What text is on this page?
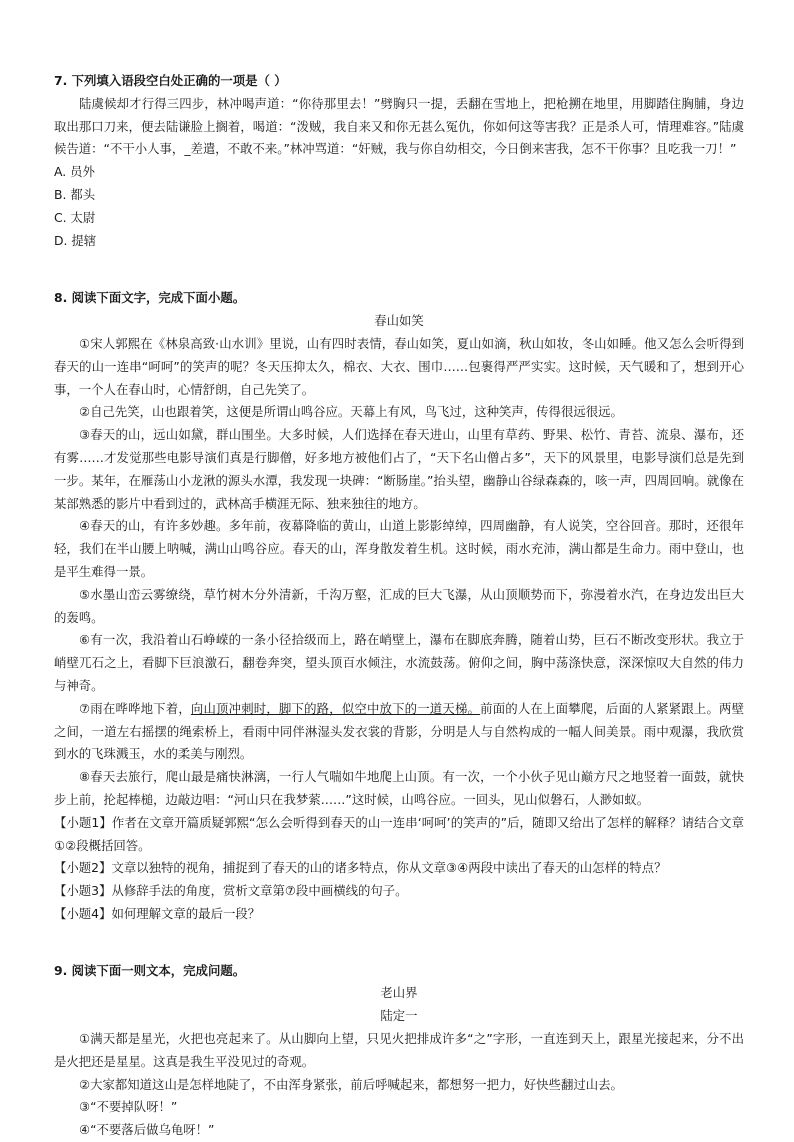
7. 下列填入语段空白处正确的一项是（ ）

陆虞候却才行得三四步，林冲喝声道：“你待那里去！”劈胸只一提，丢翻在雪地上，把枪搠在地里，用脚踏住胸脯，身边取出那口刀来，便去陆谦脸上搁着，喝道：“泼贼，我自来又和你无甚么冤仇，你如何这等害我？正是杀人可，情理难容。”陆虞候告道：“不干小人事，_差遣，不敢不来。”林冲骂道：“奸贼，我与你自幼相交，今日倒来害我，怎不干你事？且吃我一刀！”

A. 员外

B. 都头

C. 太尉

D. 提辖

8. 阅读下面文字，完成下面小题。

春山如笑

①宋人郭熙在《林泉高致·山水训》里说，山有四时表情，春山如笑，夏山如滴，秋山如妆，冬山如睡。他又怎么会听得到春天的山一连串“呵呵”的笑声的呢？冬天压抑太久，棉衣、大衣、围巾……包裹得严严实实。这时候，天气暖和了，想到开心事，一个人在春山时，心情舒朗，自己先笑了。

②自己先笑，山也跟着笑，这便是所谓山鸣谷应。天幕上有风，鸟飞过，这种笑声，传得很远很远。

③春天的山，远山如黛，群山围坐。大多时候，人们选择在春天进山，山里有草药、野果、松竹、青苔、流泉、瀑布，还有雾……才发觉那些电影导演们真是行脚僧，好多地方被他们占了，“天下名山僧占多”，天下的风景里，电影导演们总是先到一步。某年，在雁荡山小龙湫的源头水潭，我发现一块碑：“断肠崖。”抬头望，幽静山谷绿森森的，咳一声，四周回响。就像在某部熟悉的影片中看到过的，武林高手横涯无际、独来独往的地方。

④春天的山，有许多妙趣。多年前，夜幕降临的黄山，山道上影影绰绰，四周幽静，有人说笑，空谷回音。那时，还很年轻，我们在半山腰上呐喊，满山山鸣谷应。春天的山，浑身散发着生机。这时候，雨水充沛，满山都是生命力。雨中登山，也是平生难得一景。

⑤水墨山峦云雾缭绕，草竹树木分外清新，千沟万壑，汇成的巨大飞瀑，从山顶顺势而下，弥漫着水汽，在身边发出巨大的轰鸣。

⑥有一次，我沿着山石峥嵘的一条小径拾级而上，路在峭壁上，瀑布在脚底奔腾，随着山势，巨石不断改变形状。我立于峭壁兀石之上，看脚下巨浪激石，翻卷奔突，望头顶百水倾注，水流鼓荡。俯仰之间，胸中荡涤快意，深深惊叹大自然的伟力与神奇。

⑦雨在哗哗地下着，向山顶冲刺时，脚下的路，似空中放下的一道天梯。前面的人在上面攀爬，后面的人紧紧跟上。两壁之间，一道左右摇摆的绳索桥上，看雨中同伴淋湿头发衣裳的背影，分明是人与自然构成的一幅人间美景。雨中观瀑，我欣赏到水的飞珠溅玉，水的柔美与刚烈。

⑧春天去旅行，爬山最是痛快淋漓，一行人气喘如牛地爬上山顶。有一次，一个小伙子见山巅方尺之地竖着一面鼓，就快步上前，抡起棒槌，边敲边唱：“河山只在我梦萦……”这时候，山鸣谷应。一回头，见山似磐石，人渺如蚁。

【小题1】作者在文章开篇质疑郭熙“怎么会听得到春天的山一连串‘呵呵’的笑声的”后，随即又给出了怎样的解释？请结合文章①②段概括回答。

【小题2】文章以独特的视角，捕捉到了春天的山的诸多特点，你从文章③④两段中读出了春天的山怎样的特点？

【小题3】从修辞手法的角度，赏析文章第⑦段中画横线的句子。

【小题4】如何理解文章的最后一段？

9. 阅读下面一则文本，完成问题。

老山界

陆定一

①满天都是星光，火把也亮起来了。从山脚向上望，只见火把排成许多“之”字形，一直连到天上，跟星光接起来，分不出是火把还是星星。这真是我生平没见过的奇观。

②大家都知道这山是怎样地陡了，不由浑身紧张，前后呼喊起来，都想努一把力，好快些翻过山去。

③“不要掉队呀！”

④“不要落后做乌龟呀！”
